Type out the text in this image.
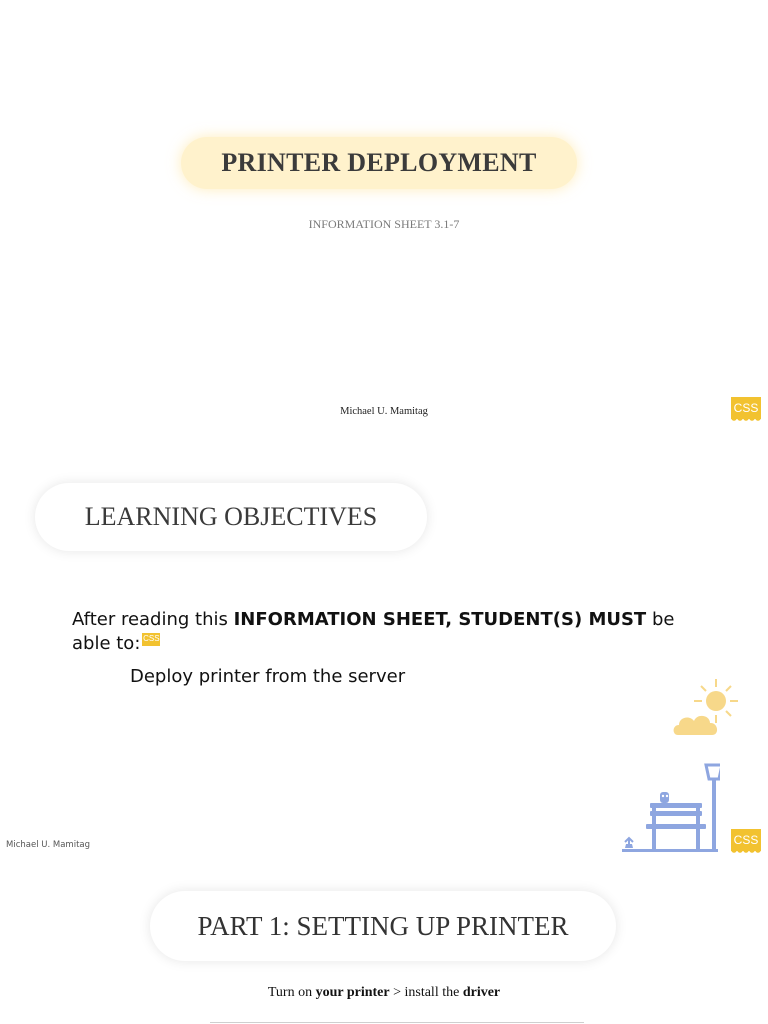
PRINTER DEPLOYMENT
INFORMATION SHEET 3.1-7
Michael U. Mamitag	CSS
LEARNING OBJECTIVES
After reading this INFORMATION SHEET, STUDENT(S) MUST be able to: CSS
Deploy printer from the server
Michael U. Mamitag	CSS
PART 1: SETTING UP PRINTER
Turn on your printer > install the driver
